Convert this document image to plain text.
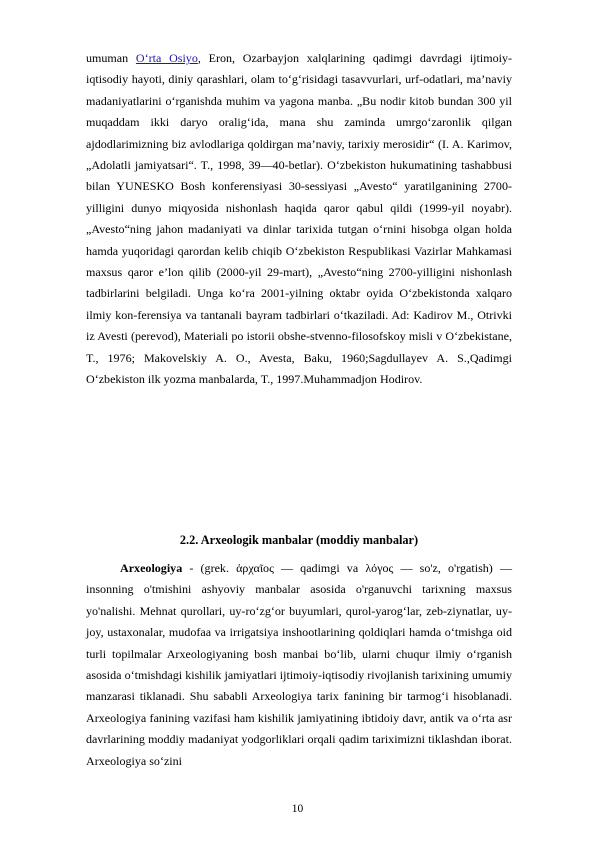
umuman O‘rta Osiyo, Eron, Ozarbayjon xalqlarining qadimgi davrdagi ijtimoiy-iqtisodiy hayoti, diniy qarashlari, olam to‘g‘risidagi tasavvurlari, urf-odatlari, ma’naviy madaniyatlarini o‘rganishda muhim va yagona manba. „Bu nodir kitob bundan 300 yil muqaddam ikki daryo oralig‘ida, mana shu zaminda umrgo‘zaronlik qilgan ajdodlarimizning biz avlodlariga qoldirgan ma’naviy, tarixiy merosidir“ (I. A. Karimov, „Adolatli jamiyatsari“. T., 1998, 39—40-betlar). O‘zbekiston hukumatining tashabbusi bilan YUNESKO Bosh konferensiyasi 30-sessiyasi „Avesto“ yaratilganining 2700-yilligini dunyo miqyosida nishonlash haqida qaror qabul qildi (1999-yil noyabr). „Avesto“ning jahon madaniyati va dinlar tarixida tutgan o‘rnini hisobga olgan holda hamda yuqoridagi qarordan kelib chiqib O‘zbekiston Respublikasi Vazirlar Mahkamasi maxsus qaror e’lon qilib (2000-yil 29-mart), „Avesto“ning 2700-yilligini nishonlash tadbirlarini belgiladi. Unga ko‘ra 2001-yilning oktabr oyida O‘zbekistonda xalqaro ilmiy kon-ferensiya va tantanali bayram tadbirlari o‘tkaziladi. Ad: Kadirov M., Otrivki iz Avesti (perevod), Materiali po istorii obshe-stvenno-filosofskoy misli v O‘zbekistane, T., 1976; Makovelskiy A. O., Avesta, Baku, 1960;Sagdullayev A. S.,Qadimgi O‘zbekiston ilk yozma manbalarda, T., 1997.Muhammadjon Hodirov.

2.2. Arxeologik manbalar (moddiy manbalar)

Arxeologiya - (grek. ἀρχαῖος — qadimgi va λόγος — so'z, o'rgatish) — insonning o'tmishini ashyoviy manbalar asosida o'rganuvchi tarixning maxsus yo'nalishi. Mehnat qurollari, uy-ro‘zg‘or buyumlari, qurol-yarog‘lar, zeb-ziynatlar, uy-joy, ustaxonalar, mudofaa va irrigatsiya inshootlarining qoldiqlari hamda o‘tmishga oid turli topilmalar Arxeologiyaning bosh manbai bo‘lib, ularni chuqur ilmiy o‘rganish asosida o‘tmishdagi kishilik jamiyatlari ijtimoiy-iqtisodiy rivojlanish tarixining umumiy manzarasi tiklanadi. Shu sababli Arxeologiya tarix fanining bir tarmog‘i hisoblanadi. Arxeologiya fanining vazifasi ham kishilik jamiyatining ibtidoiy davr, antik va o‘rta asr davrlarining moddiy madaniyat yodgorliklari orqali qadim tariximizni tiklashdan iborat. Arxeologiya so‘zini

10
